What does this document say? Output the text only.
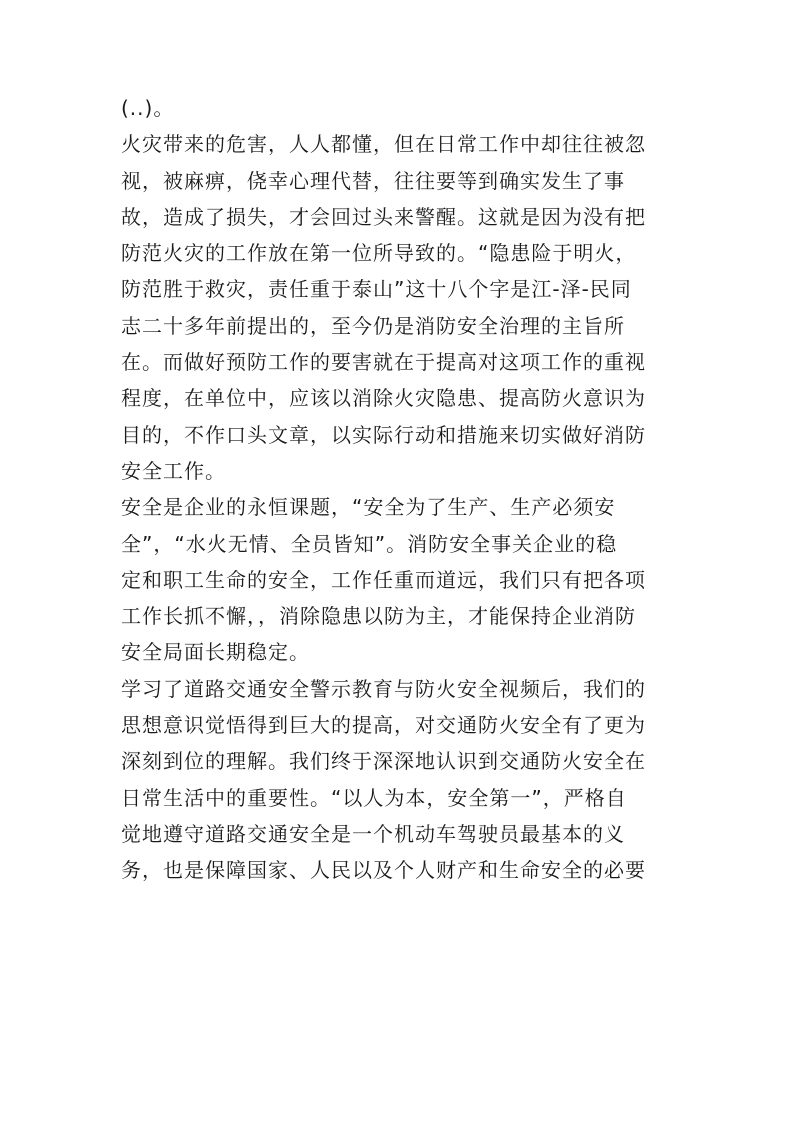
(..)。
火灾带来的危害，人人都懂，但在日常工作中却往往被忽
视，被麻痹，侥幸心理代替，往往要等到确实发生了事
故，造成了损失，才会回过头来警醒。这就是因为没有把
防范火灾的工作放在第一位所导致的。“隐患险于明火，
防范胜于救灾，责任重于泰山”这十八个字是江-泽-民同
志二十多年前提出的，至今仍是消防安全治理的主旨所
在。而做好预防工作的要害就在于提高对这项工作的重视
程度，在单位中，应该以消除火灾隐患、提高防火意识为
目的，不作口头文章，以实际行动和措施来切实做好消防
安全工作。
安全是企业的永恒课题，“安全为了生产、生产必须安
全”，“水火无情、全员皆知”。消防安全事关企业的稳
定和职工生命的安全，工作任重而道远，我们只有把各项
工作长抓不懈，，消除隐患以防为主，才能保持企业消防
安全局面长期稳定。
学习了道路交通安全警示教育与防火安全视频后，我们的
思想意识觉悟得到巨大的提高，对交通防火安全有了更为
深刻到位的理解。我们终于深深地认识到交通防火安全在
日常生活中的重要性。“以人为本，安全第一”，严格自
觉地遵守道路交通安全是一个机动车驾驶员最基本的义
务，也是保障国家、人民以及个人财产和生命安全的必要
